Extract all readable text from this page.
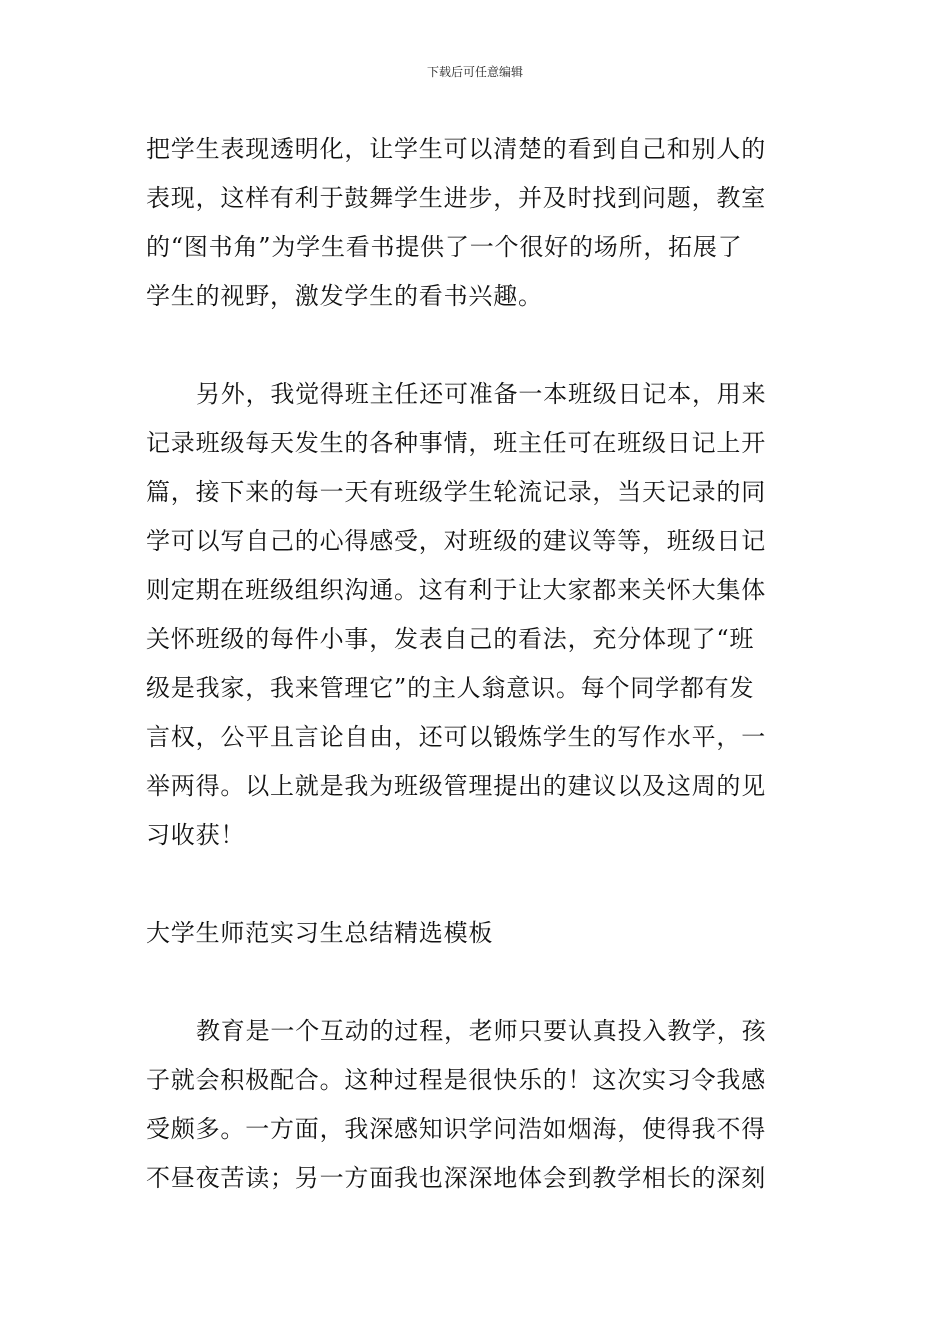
下载后可任意编辑

把学生表现透明化，让学生可以清楚的看到自己和别人的
表现，这样有利于鼓舞学生进步，并及时找到问题，教室
的“图书角”为学生看书提供了一个很好的场所，拓展了
学生的视野，激发学生的看书兴趣。

另外，我觉得班主任还可准备一本班级日记本，用来
记录班级每天发生的各种事情，班主任可在班级日记上开
篇，接下来的每一天有班级学生轮流记录，当天记录的同
学可以写自己的心得感受，对班级的建议等等，班级日记
则定期在班级组织沟通。这有利于让大家都来关怀大集体
关怀班级的每件小事，发表自己的看法，充分体现了“班
级是我家，我来管理它”的主人翁意识。每个同学都有发
言权，公平且言论自由，还可以锻炼学生的写作水平，一
举两得。以上就是我为班级管理提出的建议以及这周的见
习收获！

大学生师范实习生总结精选模板

教育是一个互动的过程，老师只要认真投入教学，孩
子就会积极配合。这种过程是很快乐的！这次实习令我感
受颇多。一方面，我深感知识学问浩如烟海，使得我不得
不昼夜苦读；另一方面我也深深地体会到教学相长的深刻
